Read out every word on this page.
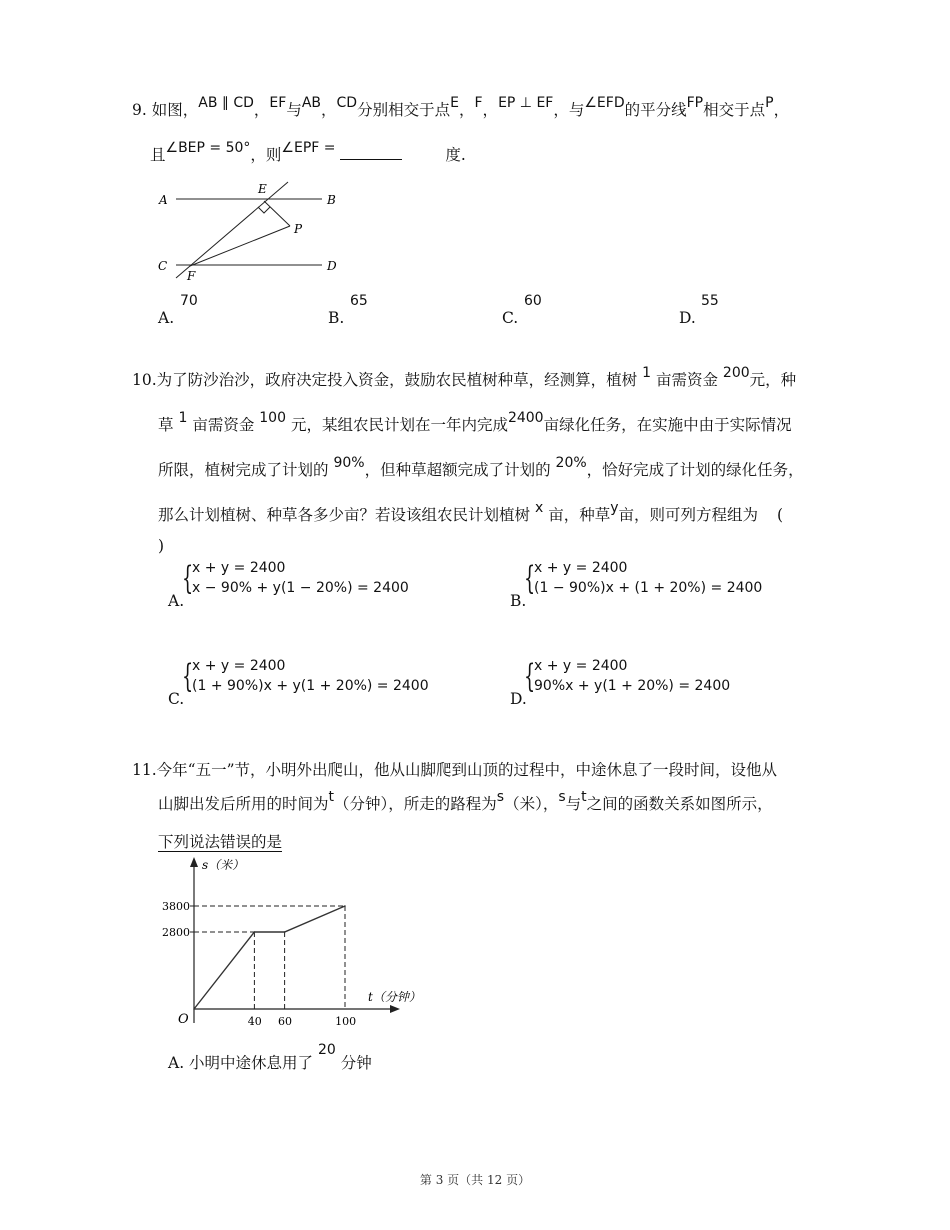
9. 如图，AB ∥ CD，EF与AB，CD分别相交于点E，F，EP ⊥ EF，与∠EFD的平分线FP相交于点P，
且∠BEP = 50°，则∠EPF =	度.
A	B
C	D
E
F
P
A.
70
B.
65
C.
60
D.
55
10.为了防沙治沙，政府决定投入资金，鼓励农民植树种草，经测算，植树 1 亩需资金 200元，种
草 1 亩需资金 100 元，某组农民计划在一年内完成2400亩绿化任务，在实施中由于实际情况
所限，植树完成了计划的 90%，但种草超额完成了计划的 20%，恰好完成了计划的绿化任务，
那么计划植树、种草各多少亩？若设该组农民计划植树 x 亩，种草y亩，则可列方程组为 (
)
A.
{
x + y = 2400
x − 90% + y(1 − 20%) = 2400
B.
{
x + y = 2400
(1 − 90%)x + (1 + 20%) = 2400
C.
{
x + y = 2400
(1 + 90%)x + y(1 + 20%) = 2400
D.
{
x + y = 2400
90%x + y(1 + 20%) = 2400
11.今年“五一”节，小明外出爬山，他从山脚爬到山顶的过程中，中途休息了一段时间，设他从
山脚出发后所用的时间为t（分钟），所走的路程为s（米），s与t之间的函数关系如图所示，
下列说法错误的是
s（米）
t（分钟）
O
2800
3800
40 60	100
A. 小明中途休息用了 20 分钟
第 3 页（共 12 页）
